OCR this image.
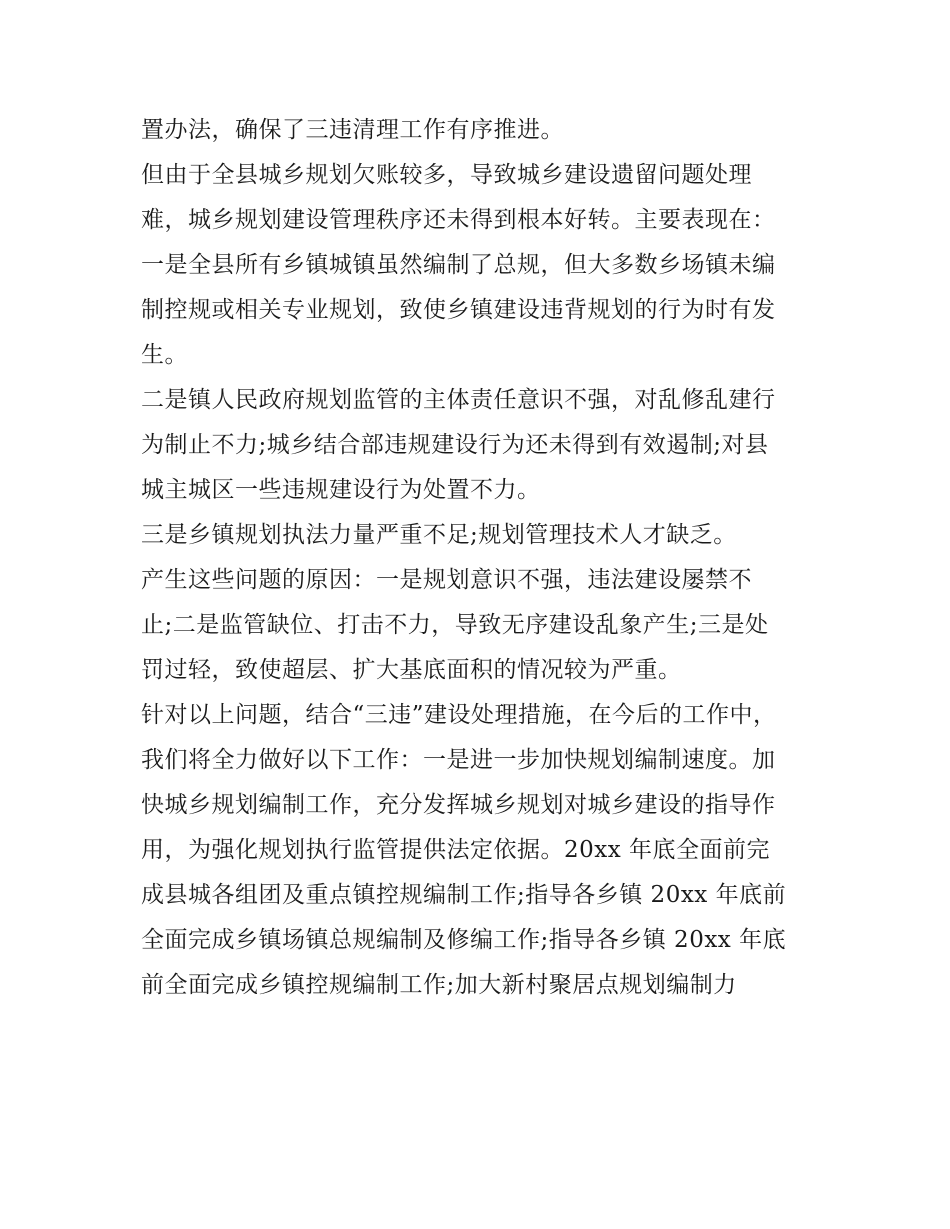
置办法，确保了三违清理工作有序推进。
但由于全县城乡规划欠账较多，导致城乡建设遗留问题处理
难，城乡规划建设管理秩序还未得到根本好转。主要表现在：
一是全县所有乡镇城镇虽然编制了总规，但大多数乡场镇未编
制控规或相关专业规划，致使乡镇建设违背规划的行为时有发
生。
二是镇人民政府规划监管的主体责任意识不强，对乱修乱建行
为制止不力;城乡结合部违规建设行为还未得到有效遏制;对县
城主城区一些违规建设行为处置不力。
三是乡镇规划执法力量严重不足;规划管理技术人才缺乏。
产生这些问题的原因：一是规划意识不强，违法建设屡禁不
止;二是监管缺位、打击不力，导致无序建设乱象产生;三是处
罚过轻，致使超层、扩大基底面积的情况较为严重。
针对以上问题，结合“三违”建设处理措施，在今后的工作中，
我们将全力做好以下工作：一是进一步加快规划编制速度。加
快城乡规划编制工作，充分发挥城乡规划对城乡建设的指导作
用，为强化规划执行监管提供法定依据。20xx 年底全面前完
成县城各组团及重点镇控规编制工作;指导各乡镇 20xx 年底前
全面完成乡镇场镇总规编制及修编工作;指导各乡镇 20xx 年底
前全面完成乡镇控规编制工作;加大新村聚居点规划编制力
